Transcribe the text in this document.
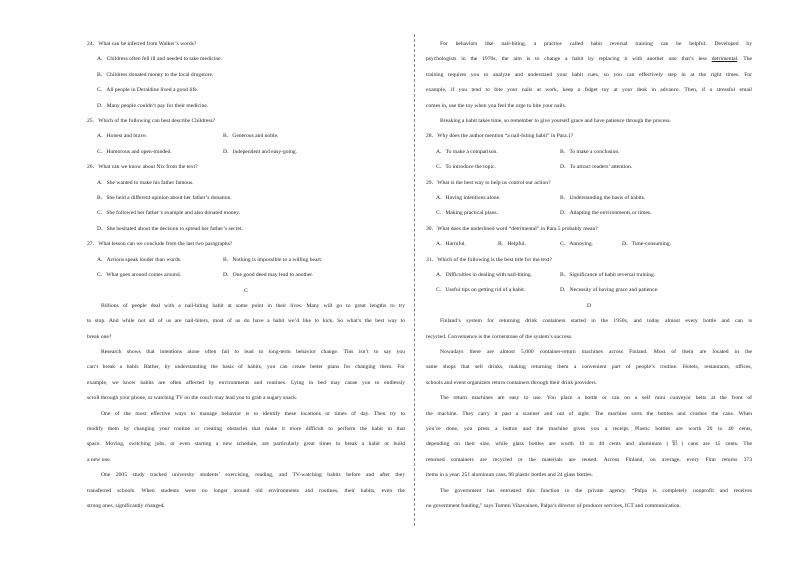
24．What can be inferred from Walker’s words?
A．Childress often fell ill and needed to take medicine.
B．Childress donated money to the local drugstore.
C．All people in Deraldine lived a good life.
D．Many people couldn’t pay for their medicine.
25．Which of the following can best describe Childress?
A．Honest and brave.	B．Generous and noble.
C．Humorous and open-minded.	D．Independent and easy-going.
26．What can we know about Nix from the text?
A．She wanted to make his father famous.
B．She held a different opinion about her father’s donation.
C．She followed her father’s example and also donated money.
D．She hesitated about the decision to spread her father’s secret.
27．What lesson can we conclude from the last two paragraphs?
A．Actions speak louder than words.	B．Nothing is impossible to a willing heart.
C．What goes around comes around.	D．One good deed may lead to another.
C
Billions of people deal with a nail-biting habit at some point in their lives. Many will go to great lengths to try
to stop. And while not all of us are nail-biters, most of us do have a habit we’d like to kick. So what’s the best way to
break one?
Research shows that intentions alone often fail to lead to long-term behavior change. This isn’t to say you
can’t break a habit. Rather, by understanding the basis of habits, you can create better plans for changing them. For
example, we know habits are often affected by environments and routines. Lying in bed may cause you to endlessly
scroll through your phone, or watching TV on the couch may lead you to grab a sugary snack.
One of the most effective ways to manage behavior is to identify these locations or times of day. Then try to
modify them by changing your routine or creating obstacles that make it more difficult to perform the habit in that
space. Moving, switching jobs, or even starting a new schedule, are particularly great times to break a habit or build
a new one.
One 2005 study tracked university students’ exercising, reading, and TV-watching habits before and after they
transferred schools. When students were no longer around old environments and routines, their habits, even the
strong ones, significantly changed.
For behaviors like nail-biting, a practice called habit reversal training can be helpful. Developed by
psychologists in the 1970s, the aim is to change a habit by replacing it with another one that’s less detrimental. The
training requires you to analyze and understand your habit cues, so you can effectively step in at the right times. For
example, if you tend to bite your nails at work, keep a fidget toy at your desk in advance. Then, if a stressful email
comes in, use the toy when you feel the urge to bite your nails.
Breaking a habit takes time, so remember to give yourself grace and have patience through the process.
28．Why does the author mention “a nail-biting habit” in Para.1?
A．To make a comparison.	B．To make a conclusion.
C．To introduce the topic.	D．To attract readers’ attention.
29．What is the best way to help us control our action?
A．Having intentions alone.	B．Understanding the basis of habits.
C．Making practical plans.	D．Adapting the environments or times.
30．What does the underlined word “detrimental” in Para.5 probably mean?
A．Harmful.	B．Helpful.	C．Annoying.	D．Time-consuming.
31．Which of the following is the best title for the text?
A．Difficulties in dealing with nail-biting.	B．Significance of habit reversal training.
C．Useful tips on getting rid of a habit.	D．Necessity of having grace and patience.
D
Finland’s system for returning drink containers started in the 1950s, and today almost every bottle and can is
recycled. Convenience is the cornerstone of the system’s success.
Nowadays there are almost 5,000 container-return machines across Finland. Most of them are located in the
same shops that sell drinks, making returning them a convenient part of people’s routine. Hotels, restaurants, offices,
schools and event organizers return containers through their drink providers.
The return machines are easy to use. You place a bottle or can on a self mini conveyor belts at the front of
the machine. They carry it past a scanner and out of sight. The machine sorts the bottles and crushes the cans. When
you’re done, you press a button and the machine gives you a receipt. Plastic bottles are worth 20 to 40 cents,
depending on their size, while glass bottles are worth 10 to 40 cents and aluminum (铝) cans are 15 cents. The
returned containers are recycled or the materials are reused. Across Finland, on average, every Finn returns 373
items in a year: 251 aluminum cans, 98 plastic bottles and 24 glass bottles.
The government has entrusted this function to the private agency. “Palpa is completely nonprofit and receives
no government funding,” says Tommi Vihavainen, Palpa’s director of producer services, ICT and communication.
